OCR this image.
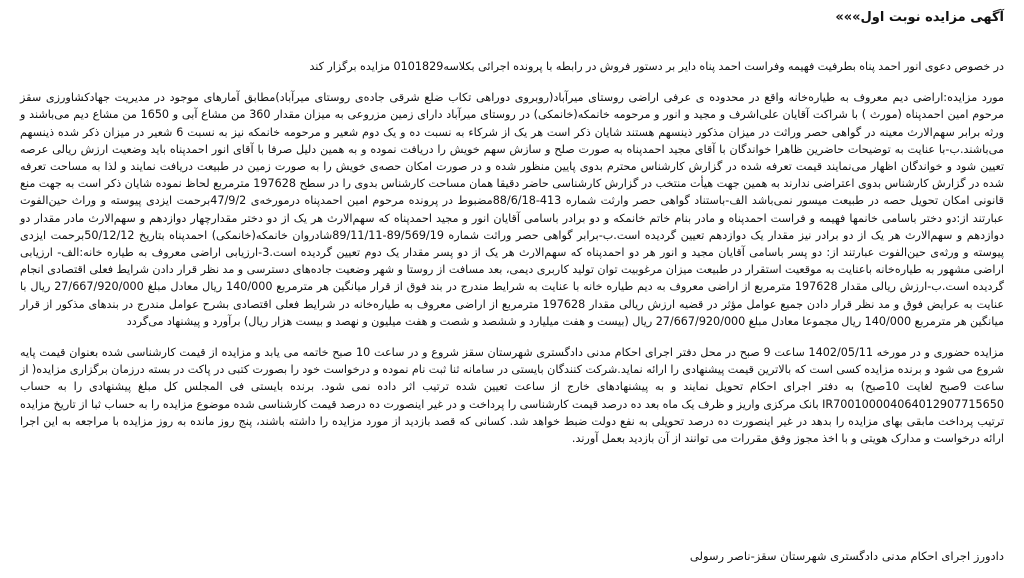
آگهی مزایده نوبت اول»»»

در خصوص دعوی انور احمد پناه بطرفیت فهیمه وفراست احمد پناه دایر بر دستور فروش در رابطه با پرونده اجرائی بکلاسه0101829 مزایده برگزار کند

مورد مزایده:اراضی دیم معروف به طیاره‌خانه واقع در محدوده ی عرفی اراضی روستای میرآباد(روبروی دوراهی تکاب ضلع شرقی جاده‌ی روستای میرآباد)مطابق آمارهای موجود در مدیریت جهادکشاورزی سقز مرحوم امین احمدپناه (مورث ) با شراکت آقایان علی‌اشرف و مجید و انور و مرحومه خانمکه(خانمکی) در روستای میرآباد دارای زمین مزروعی به میزان مقدار 360 من مشاع آبی و 1650 من مشاع دیم می‌باشند و ورثه برابر سهم‌الارث معینه در گواهی حصر وراثت در میزان مذکور ذینسهم هستند شایان ذکر است هر یک از شرکاء به نسبت ده و یک دوم شعیر و مرحومه خانمکه نیز به نسبت 6 شعیر در میزان ذکر شده ذینسهم می‌باشند.ب-با عنایت به توضیحات حاضرین ظاهرا خواندگان با آقای مجید احمدپناه به صورت صلح و سازش سهم خویش را دریافت نموده و به همین دلیل صرفا با آقای انور احمدپناه باید وضعیت ارزش ریالی عرصه تعیین شود و خواندگان اظهار می‌نمایند قیمت تعرفه شده در گزارش کارشناس محترم بدوی پایین منظور شده و در صورت امکان حصه‌ی خویش را به صورت زمین در طبیعت دریافت نمایند و لذا به مساحت تعرفه شده در گزارش کارشناس بدوی اعتراضی ندارند به همین جهت هیأت منتخب در گزارش کارشناسی حاضر دقیقا همان مساحت کارشناس بدوی را در سطح 197628 مترمربع لحاظ نموده شایان ذکر است به جهت منع قانونی امکان تحویل حصه در طبیعت میسور نمی‌باشد الف-باستناد گواهی حصر وارثت شماره 413-88/6/18مضبوط در پرونده مرحوم امین احمدپناه درمورخه‌ی 47/9/2برحمت ایزدی پیوسته و وراث حین‌الفوت عبارتند از:دو دختر باسامی خانمها فهیمه و فراست احمدپناه و مادر بنام خاتم خانمکه و دو برادر باسامی آقایان انور و مجید احمدپناه که سهم‌الارث هر یک از دو دختر مقدارچهار دوازدهم و سهم‌الارث مادر مقدار دو دوازدهم و سهم‌الارث هر یک از دو برادر نیز مقدار یک دوازدهم تعیین گردیده است.ب-برابر گواهی حصر وراثت شماره 89/569/19-89/11/11شادروان خانمکه(خانمکی) احمدپناه بتاریخ 50/12/12برحمت ایزدی پیوسته و ورثه‌ی حین‌الفوت عبارتند از: دو پسر باسامی آقایان مجید و انور هر دو احمدپناه که سهم‌الارث هر یک از دو پسر مقدار یک دوم تعیین گردیده است.3-ارزیابی اراضی معروف به طیاره خانه:الف- ارزیابی اراضی مشهور به طیاره‌خانه باعنایت به موقعیت استقرار در طبیعت میزان مرغوبیت توان تولید کاربری دیمی، بعد مسافت از روستا و شهر وضعیت جاده‌های دسترسی و مد نظر قرار دادن شرایط فعلی اقتصادی انجام گردیده است.ب-ارزش ریالی مقدار 197628 مترمربع از اراضی معروف به دیم طیاره خانه با عنایت به شرایط مندرج در بند فوق از قرار میانگین هر مترمربع 140/000 ریال معادل مبلغ 27/667/920/000 ریال با عنایت به عرایض فوق و مد نظر قرار دادن جمیع عوامل مؤثر در قضیه ارزش ریالی مقدار 197628 مترمربع از اراضی معروف به طیاره‌خانه در شرایط فعلی اقتصادی بشرح عوامل مندرج در بندهای مذکور از قرار میانگین هر مترمربع 140/000 ریال مجموعا معادل مبلغ 27/667/920/000 ریال (بیست و هفت میلیارد و ششصد و شصت و هفت میلیون و نهصد و بیست هزار ریال) برآورد و پیشنهاد می‌گردد

مزایده حضوری و در مورخه 1402/05/11 ساعت 9 صبح در محل دفتر اجرای احکام مدنی دادگستری شهرستان سقز شروع و در ساعت 10 صبح خاتمه می یابد و مزایده از قیمت کارشناسی شده بعنوان قیمت پایه شروع می شود و برنده مزایده کسی است که بالاترین قیمت پیشنهادی را ارائه نماید.شرکت کنندگان بایستی در سامانه ثنا ثبت نام نموده و درخواست خود را بصورت کتبی در پاکت در بسته درزمان برگزاری مزایده( از ساعت 9صبح لغایت 10صبح) به دفتر اجرای احکام تحویل نمایند و به پیشنهادهای خارج از ساعت تعیین شده ترتیب اثر داده نمی شود. برنده بایستی فی المجلس کل مبلغ پیشنهادی را به حساب IR700100004064012907715650 بانک مرکزی واریز و ظرف یک ماه بعد ده درصد قیمت کارشناسی را پرداخت و در غیر اینصورت ده درصد قیمت کارشناسی شده موضوع مزایده را به حساب ثبا از تاریخ مزایده ترتیب پرداخت مابقی بهای مزایده را بدهد در غیر اینصورت ده درصد تحویلی به نفع دولت ضبط خواهد شد. کسانی که قصد بازدید از مورد مزایده را داشته باشند، پنج روز مانده به روز مزایده با مراجعه به این اجرا ارائه درخواست و مدارک هویتی و با اخذ مجوز وفق مقررات می توانند از آن بازدید بعمل آورند.

دادورز اجرای احکام مدنی دادگستری شهرستان سقز-ناصر رسولی
